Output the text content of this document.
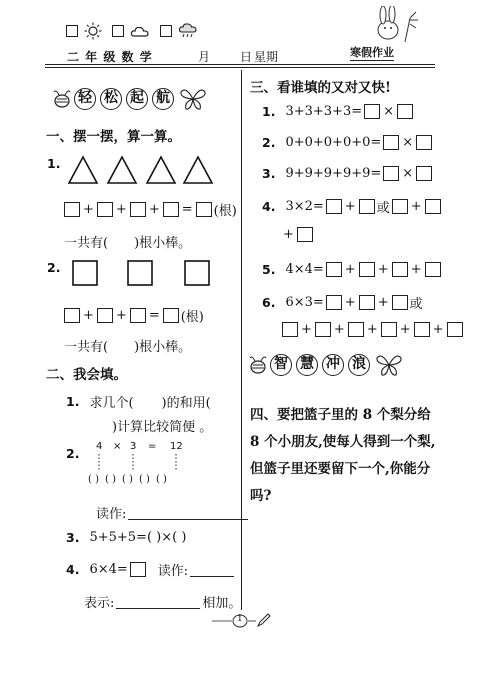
二 年 级 数 学	月	日 星期	寒假作业
轻 松 起 航
一、摆一摆，算一算。
1.
+ + + = (根)
一共有( )根小棒。
2.
+ + = (根)
一共有( )根小棒。
二、我会填。
1. 求几个( )的和用(
)计算比较简便 。
2. 4 × 3 = 12
( ) ( ) ( ) ( ) ( )
读作:
3. 5+5+5=( )×( )
4. 6×4= 读作:
表示:	相加。
三、看谁填的又对又快!
1. 3+3+3+3= ×
2. 0+0+0+0+0= ×
3. 9+9+9+9+9= ×
4. 3×2= + 或 +
+
5. 4×4= + + +
6. 6×3= + + 或
+ + + + +
智 慧 冲 浪
四、要把篮子里的 8 个梨分给 8 个小朋友,使每人得到一个梨,但篮子里还要留下一个,你能分吗?
1
